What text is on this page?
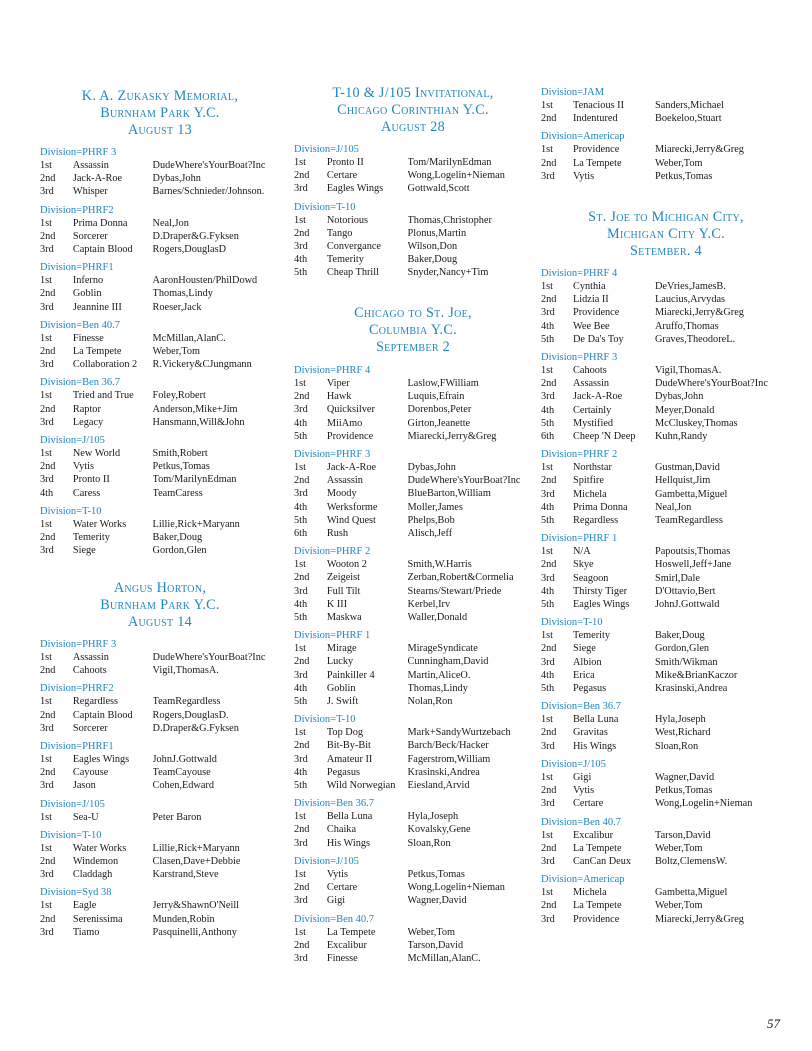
K. A. Zukasky Memorial,

Burnham Park Y.C.

August 13

Division=PHRF 3

1st	Assassin	DudeWhere'sYourBoat?Inc
2nd	Jack-A-Roe	Dybas,John
3rd	Whisper	Barnes/Schnieder/Johnson.

Division=PHRF2

1st	Prima Donna	Neal,Jon
2nd	Sorcerer	D.Draper&G.Fyksen
3rd	Captain Blood	Rogers,DouglasD

Division=PHRF1

1st	Inferno	AaronHousten/PhilDowd
2nd	Goblin	Thomas,Lindy
3rd	Jeannine III	Roeser,Jack

Division=Ben 40.7

1st	Finesse	McMillan,AlanC.
2nd	La Tempete	Weber,Tom
3rd	Collaboration 2	R.Vickery&CJungmann

Division=Ben 36.7

1st	Tried and True	Foley,Robert
2nd	Raptor	Anderson,Mike+Jim
3rd	Legacy	Hansmann,Will&John

Division=J/105

1st	New World	Smith,Robert
2nd	Vytis	Petkus,Tomas
3rd	Pronto II	Tom/MarilynEdman
4th	Caress	TeamCaress

Division=T-10

1st	Water Works	Lillie,Rick+Maryann
2nd	Temerity	Baker,Doug
3rd	Siege	Gordon,Glen

Angus Horton,

Burnham Park Y.C.

August 14

Division=PHRF 3

1st	Assassin	DudeWhere'sYourBoat?Inc
2nd	Cahoots	Vigil,ThomasA.

Division=PHRF2

1st	Regardless	TeamRegardless
2nd	Captain Blood	Rogers,DouglasD.
3rd	Sorcerer	D.Draper&G.Fyksen

Division=PHRF1

1st	Eagles Wings	JohnJ.Gottwald
2nd	Cayouse	TeamCayouse
3rd	Jason	Cohen,Edward

Division=J/105

1st	Sea-U	Peter Baron

Division=T-10

1st	Water Works	Lillie,Rick+Maryann
2nd	Windemon	Clasen,Dave+Debbie
3rd	Claddagh	Karstrand,Steve

Division=Syd 38

1st	Eagle	Jerry&ShawnO'Neill
2nd	Serenissima	Munden,Robin
3rd	Tiamo	Pasquinelli,Anthony

T-10 & J/105 Invitational,

Chicago Corinthian Y.C.

August 28

Division=J/105

1st	Pronto II	Tom/MarilynEdman
2nd	Certare	Wong,Logelin+Nieman
3rd	Eagles Wings	Gottwald,Scott

Division=T-10

1st	Notorious	Thomas,Christopher
2nd	Tango	Plonus,Martin
3rd	Convergance	Wilson,Don
4th	Temerity	Baker,Doug
5th	Cheap Thrill	Snyder,Nancy+Tim

Chicago to St. Joe,

Columbia Y.C.

September 2

Division=PHRF 4

1st	Viper	Laslow,FWilliam
2nd	Hawk	Luquis,Efrain
3rd	Quicksilver	Dorenbos,Peter
4th	MiiAmo	Girton,Jeanette
5th	Providence	Miarecki,Jerry&Greg

Division=PHRF 3

1st	Jack-A-Roe	Dybas,John
2nd	Assassin	DudeWhere'sYourBoat?Inc
3rd	Moody	BlueBarton,William
4th	Werksforme	Moller,James
5th	Wind Quest	Phelps,Bob
6th	Rush	Alisch,Jeff

Division=PHRF 2

1st	Wooton 2	Smith,W.Harris
2nd	Zeigeist	Zerban,Robert&Cormelia
3rd	Full Tilt	Stearns/Stewart/Priede
4th	K III	Kerbel,Irv
5th	Maskwa	Waller,Donald

Division=PHRF 1

1st	Mirage	MirageSyndicate
2nd	Lucky	Cunningham,David
3rd	Painkiller 4	Martin,AliceO.
4th	Goblin	Thomas,Lindy
5th	J. Swift	Nolan,Ron

Division=T-10

1st	Top Dog	Mark+SandyWurtzebach
2nd	Bit-By-Bit	Barch/Beck/Hacker
3rd	Amateur II	Fagerstrom,William
4th	Pegasus	Krasinski,Andrea
5th	Wild Norwegian	Eiesland,Arvid

Division=Ben 36.7

1st	Bella Luna	Hyla,Joseph
2nd	Chaika	Kovalsky,Gene
3rd	His Wings	Sloan,Ron

Division=J/105

1st	Vytis	Petkus,Tomas
2nd	Certare	Wong,Logelin+Nieman
3rd	Gigi	Wagner,David

Division=Ben 40.7

1st	La Tempete	Weber,Tom
2nd	Excalibur	Tarson,David
3rd	Finesse	McMillan,AlanC.

Division=JAM

1st	Tenacious II	Sanders,Michael
2nd	Indentured	Boekeloo,Stuart

Division=Americap

1st	Providence	Miarecki,Jerry&Greg
2nd	La Tempete	Weber,Tom
3rd	Vytis	Petkus,Tomas

St. Joe to Michigan City,

Michigan City Y.C.

Setember. 4

Division=PHRF 4

1st	Cynthia	DeVries,JamesB.
2nd	Lidzia II	Laucius,Arvydas
3rd	Providence	Miarecki,Jerry&Greg
4th	Wee Bee	Aruffo,Thomas
5th	De Da's Toy	Graves,TheodoreL.

Division=PHRF 3

1st	Cahoots	Vigil,ThomasA.
2nd	Assassin	DudeWhere'sYourBoat?Inc
3rd	Jack-A-Roe	Dybas,John
4th	Certainly	Meyer,Donald
5th	Mystified	McCluskey,Thomas
6th	Cheep 'N Deep	Kuhn,Randy

Division=PHRF 2

1st	Northstar	Gustman,David
2nd	Spitfire	Hellquist,Jim
3rd	Michela	Gambetta,Miguel
4th	Prima Donna	Neal,Jon
5th	Regardless	TeamRegardless

Division=PHRF 1

1st	N/A	Papoutsis,Thomas
2nd	Skye	Hoswell,Jeff+Jane
3rd	Seagoon	Smirl,Dale
4th	Thirsty Tiger	D'Ottavio,Bert
5th	Eagles Wings	JohnJ.Gottwald

Division=T-10

1st	Temerity	Baker,Doug
2nd	Siege	Gordon,Glen
3rd	Albion	Smith/Wikman
4th	Erica	Mike&BrianKaczor
5th	Pegasus	Krasinski,Andrea

Division=Ben 36.7

1st	Bella Luna	Hyla,Joseph
2nd	Gravitas	West,Richard
3rd	His Wings	Sloan,Ron

Division=J/105

1st	Gigi	Wagner,David
2nd	Vytis	Petkus,Tomas
3rd	Certare	Wong,Logelin+Nieman

Division=Ben 40.7

1st	Excalibur	Tarson,David
2nd	La Tempete	Weber,Tom
3rd	CanCan Deux	Boltz,ClemensW.

Division=Americap

1st	Michela	Gambetta,Miguel
2nd	La Tempete	Weber,Tom
3rd	Providence	Miarecki,Jerry&Greg
57
